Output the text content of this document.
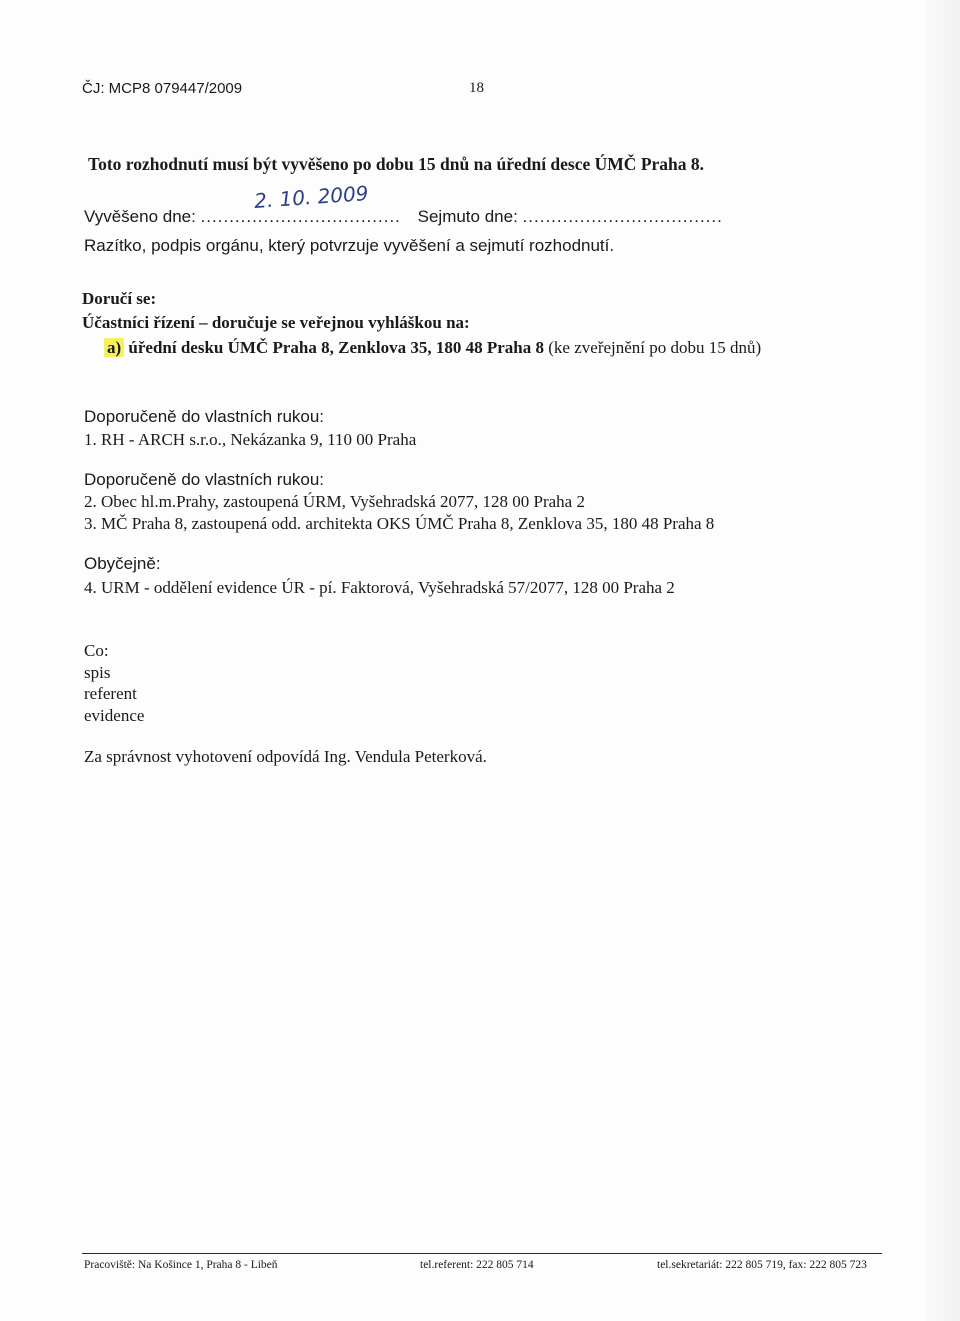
ČJ: MCP8 079447/2009	18
Toto rozhodnutí musí být vyvěšeno po dobu 15 dnů na úřední desce ÚMČ Praha 8.
Vyvěšeno dne: ...................................
2. 10. 2009
Sejmuto dne: ...................................
Razítko, podpis orgánu, který potvrzuje vyvěšení a sejmutí rozhodnutí.
Doručí se:
Účastníci řízení – doručuje se veřejnou vyhláškou na:
a) úřední desku ÚMČ Praha 8, Zenklova 35, 180 48 Praha 8 (ke zveřejnění po dobu 15 dnů)
Doporučeně do vlastních rukou:
1. RH - ARCH s.r.o., Nekázanka 9, 110 00 Praha
Doporučeně do vlastních rukou:
2. Obec hl.m.Prahy, zastoupená ÚRM, Vyšehradská 2077, 128 00 Praha 2
3. MČ Praha 8, zastoupená odd. architekta OKS ÚMČ Praha 8, Zenklova 35, 180 48 Praha 8
Obyčejně:
4. URM - oddělení evidence ÚR - pí. Faktorová, Vyšehradská 57/2077, 128 00 Praha 2
Co:
spis
referent
evidence
Za správnost vyhotovení odpovídá Ing. Vendula Peterková.
Pracoviště: Na Košince 1, Praha 8 - Libeň	tel.referent: 222 805 714	tel.sekretariát: 222 805 719, fax: 222 805 723
